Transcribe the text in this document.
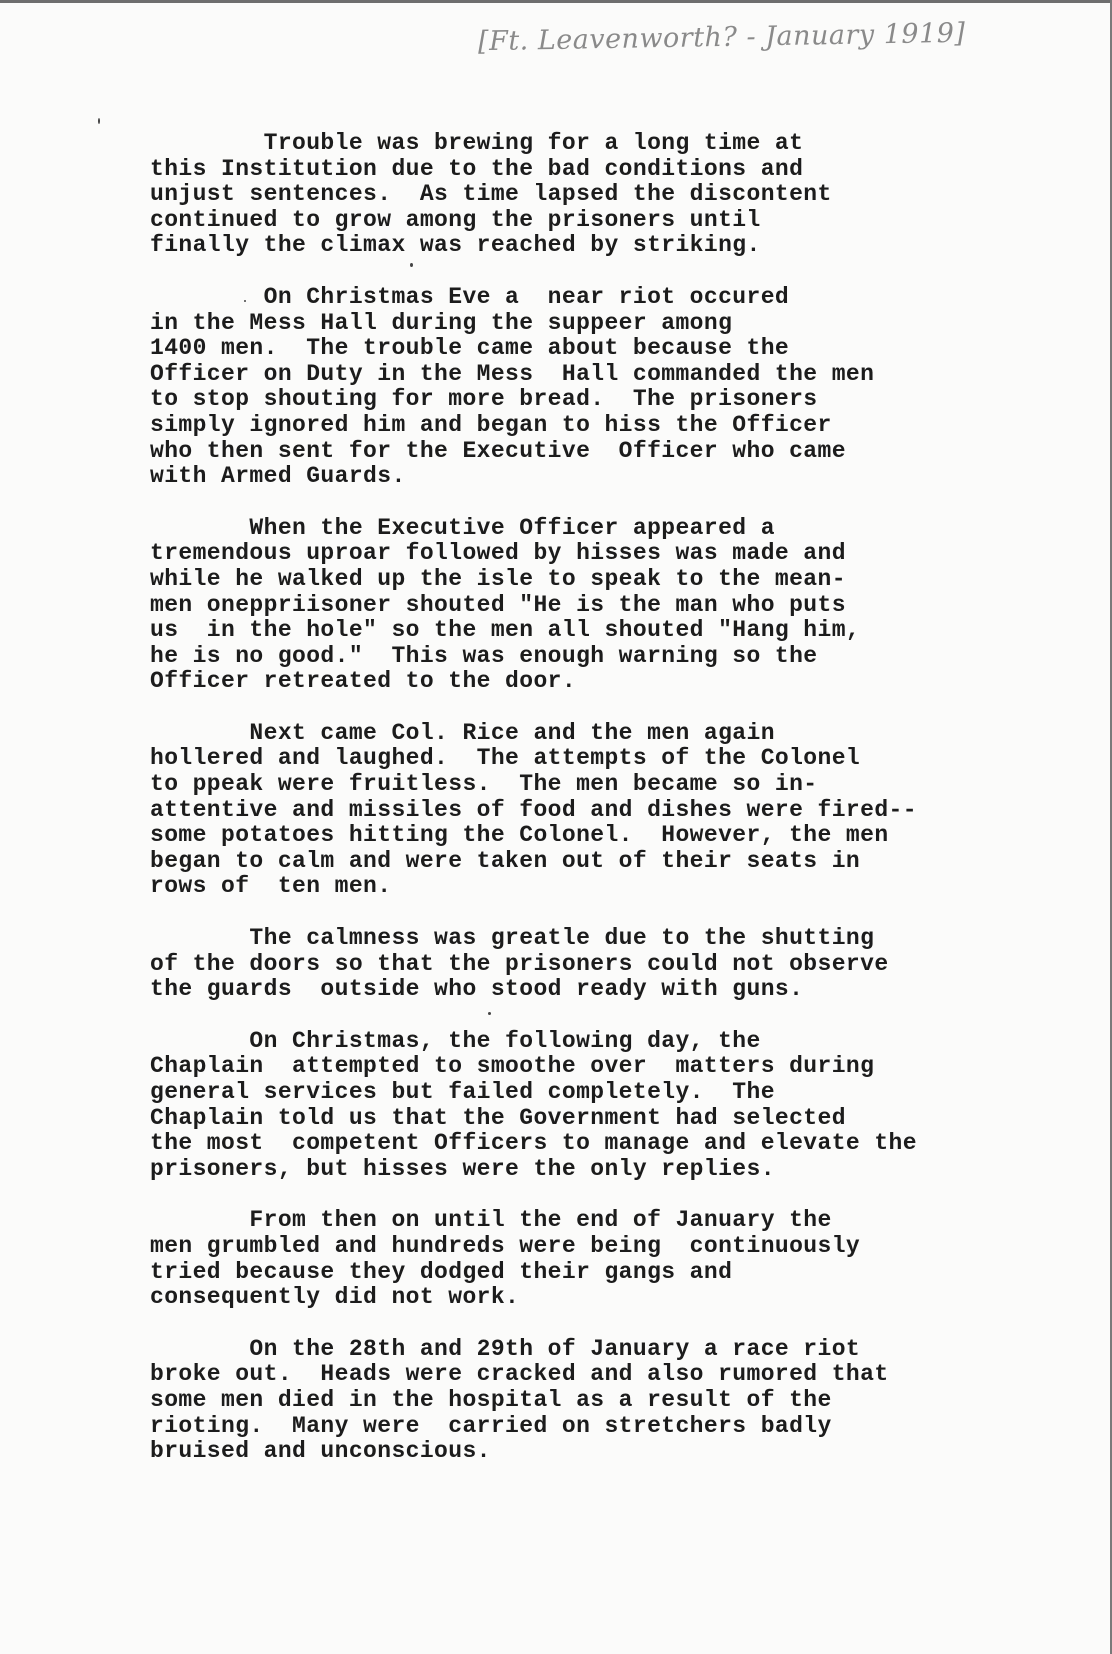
[Ft. Leavenworth? - January 1919]
Trouble was brewing for a long time at
this Institution due to the bad conditions and
unjust sentences.  As time lapsed the discontent
continued to grow among the prisoners until
finally the climax was reached by striking.
On Christmas Eve a  near riot occured
in the Mess Hall during the suppeer among
1400 men.  The trouble came about because the
Officer on Duty in the Mess  Hall commanded the men
to stop shouting for more bread.  The prisoners
simply ignored him and began to hiss the Officer
who then sent for the Executive  Officer who came
with Armed Guards.
When the Executive Officer appeared a
tremendous uproar followed by hisses was made and
while he walked up the isle to speak to the mean-
men oneppriisoner shouted "He is the man who puts
us  in the hole" so the men all shouted "Hang him,
he is no good."  This was enough warning so the
Officer retreated to the door.
Next came Col. Rice and the men again
hollered and laughed.  The attempts of the Colonel
to ppeak were fruitless.  The men became so in-
attentive and missiles of food and dishes were fired--
some potatoes hitting the Colonel.  However, the men
began to calm and were taken out of their seats in
rows of  ten men.
The calmness was greatle due to the shutting
of the doors so that the prisoners could not observe
the guards  outside who stood ready with guns.
On Christmas, the following day, the
Chaplain  attempted to smoothe over  matters during
general services but failed completely.  The
Chaplain told us that the Government had selected
the most  competent Officers to manage and elevate the
prisoners, but hisses were the only replies.
From then on until the end of January the
men grumbled and hundreds were being  continuously
tried because they dodged their gangs and
consequently did not work.
On the 28th and 29th of January a race riot
broke out.  Heads were cracked and also rumored that
some men died in the hospital as a result of the
rioting.  Many were  carried on stretchers badly
bruised and unconscious.
